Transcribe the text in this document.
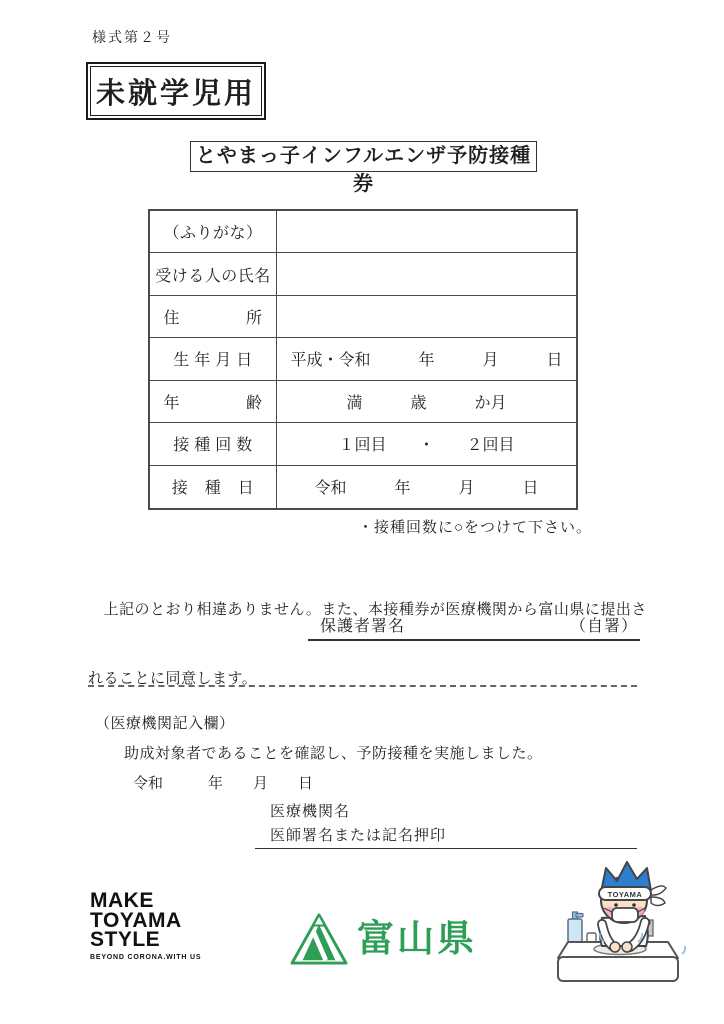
様式第２号
未就学児用
とやまっ子インフルエンザ予防接種券
（ふりがな）
受ける人の氏名
住　　　　所
生 年 月 日	平成・令和　　　年　　　月　　　日
年　　　　齢	満　　　歳　　　か月
接 種 回 数	１回目　　・　　２回目
接　種　日	令和　　　年　　　月　　　日
・接種回数に○をつけて下さい。

　上記のとおり相違ありません。また、本接種券が医療機関から富山県に提出さ

れることに同意します。

保護者署名	（自署）
（医療機関記入欄）
助成対象者であることを確認し、予防接種を実施しました。
令和　　　年　　月　　日
医療機関名
医師署名または記名押印
MAKE
TOYAMA
STYLE
BEYOND CORONA.WITH US	富山県
TOYAMA
